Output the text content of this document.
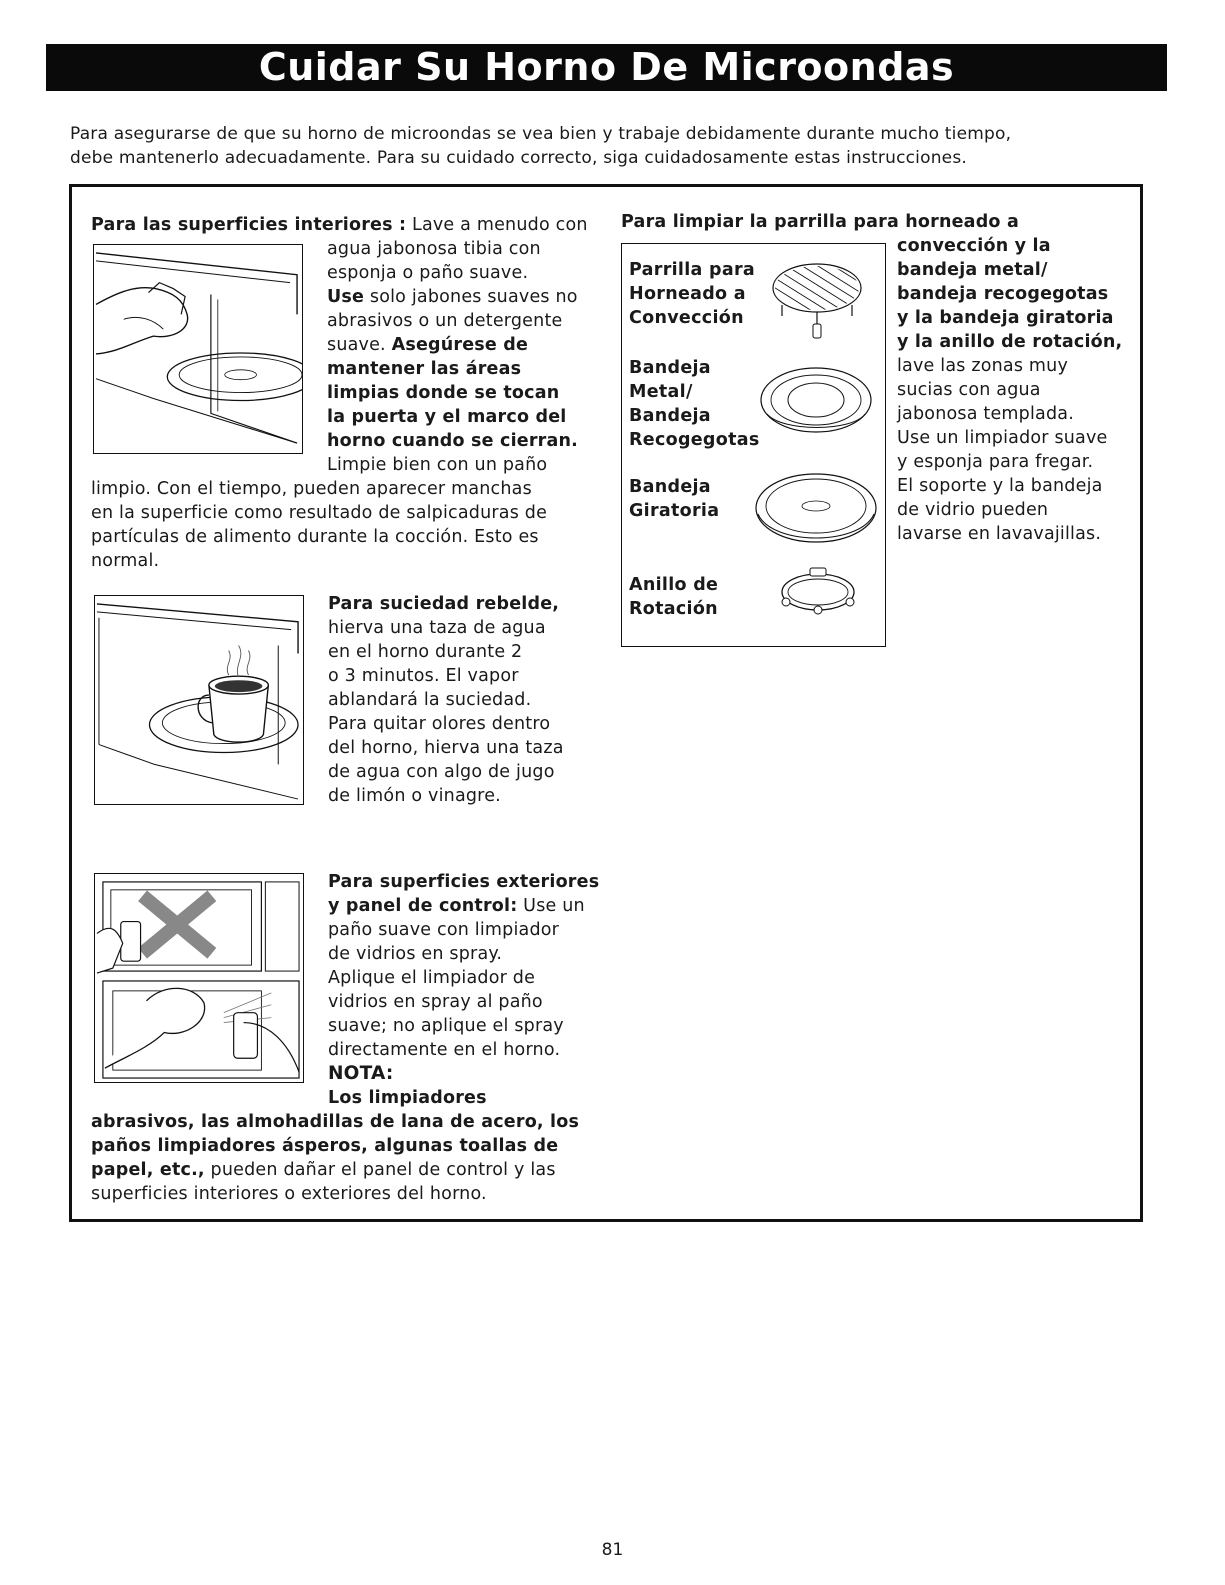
Cuidar Su Horno De Microondas
Para asegurarse de que su horno de microondas se vea bien y trabaje debidamente durante mucho tiempo,
debe mantenerlo adecuadamente. Para su cuidado correcto, siga cuidadosamente estas instrucciones.
Para las superficies interiores : Lave a menudo con

agua jabonosa tibia con

esponja o paño suave.

Use solo jabones suaves no

abrasivos o un detergente

suave. Asegúrese de

mantener las áreas

limpias donde se tocan

la puerta y el marco del

horno cuando se cierran.

Limpie bien con un paño

limpio. Con el tiempo, pueden aparecer manchas

en la superficie como resultado de salpicaduras de

partículas de alimento durante la cocción. Esto es

normal.

Para suciedad rebelde,

hierva una taza de agua

en el horno durante 2

o 3 minutos. El vapor

ablandará la suciedad.

Para quitar olores dentro

del horno, hierva una taza

de agua con algo de jugo

de limón o vinagre.

Para superficies exteriores

y panel de control: Use un

paño suave con limpiador

de vidrios en spray.

Aplique el limpiador de

vidrios en spray al paño

suave; no aplique el spray

directamente en el horno.

NOTA:

Los limpiadores

abrasivos, las almohadillas de lana de acero, los

paños limpiadores ásperos, algunas toallas de

papel, etc., pueden dañar el panel de control y las

superficies interiores o exteriores del horno.

Para limpiar la parrilla para horneado a
Parrilla para
Horneado a
Convección
Bandeja
Metal/
Bandeja
Recogegotas
Bandeja
Giratoria
Anillo de
Rotación

convección y la

bandeja metal/

bandeja recogegotas

y la bandeja giratoria

y la anillo de rotación,

lave las zonas muy

sucias con agua

jabonosa templada.

Use un limpiador suave

y esponja para fregar.

El soporte y la bandeja

de vidrio pueden

lavarse en lavavajillas.

81
